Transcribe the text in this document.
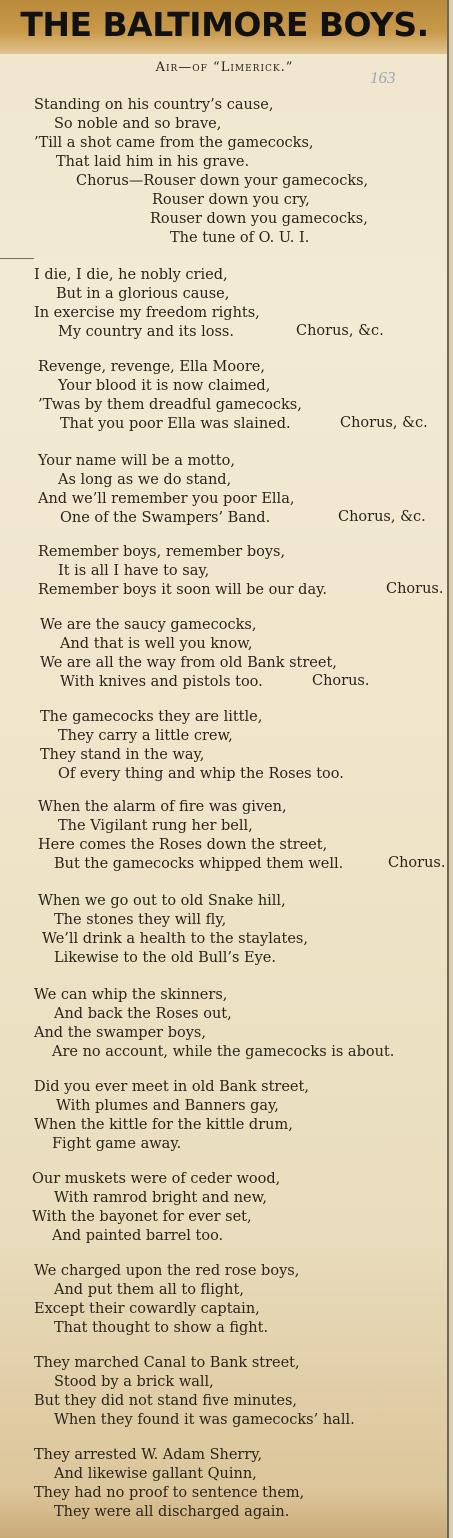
THE BALTIMORE BOYS.
Air—of “Limerick.”
163
Standing on his country’s cause,
So noble and so brave,
’Till a shot came from the gamecocks,
That laid him in his grave.
Chorus—Rouser down your gamecocks,
Rouser down you cry,
Rouser down you gamecocks,
The tune of O. U. I.
I die, I die, he nobly cried,
But in a glorious cause,
In exercise my freedom rights,
My country and its loss.	Chorus, &c.
Revenge, revenge, Ella Moore,
Your blood it is now claimed,
’Twas by them dreadful gamecocks,
That you poor Ella was slained.	Chorus, &c.
Your name will be a motto,
As long as we do stand,
And we’ll remember you poor Ella,
One of the Swampers’ Band.	Chorus, &c.
Remember boys, remember boys,
It is all I have to say,
Remember boys it soon will be our day.	Chorus.
We are the saucy gamecocks,
And that is well you know,
We are all the way from old Bank street,
With knives and pistols too.	Chorus.
The gamecocks they are little,
They carry a little crew,
They stand in the way,
Of every thing and whip the Roses too.
When the alarm of fire was given,
The Vigilant rung her bell,
Here comes the Roses down the street,
But the gamecocks whipped them well.	Chorus.
When we go out to old Snake hill,
The stones they will fly,
We’ll drink a health to the staylates,
Likewise to the old Bull’s Eye.
We can whip the skinners,
And back the Roses out,
And the swamper boys,
Are no account, while the gamecocks is about.
Did you ever meet in old Bank street,
With plumes and Banners gay,
When the kittle for the kittle drum,
Fight game away.
Our muskets were of ceder wood,
With ramrod bright and new,
With the bayonet for ever set,
And painted barrel too.
We charged upon the red rose boys,
And put them all to flight,
Except their cowardly captain,
That thought to show a fight.
They marched Canal to Bank street,
Stood by a brick wall,
But they did not stand five minutes,
When they found it was gamecocks’ hall.
They arrested W. Adam Sherry,
And likewise gallant Quinn,
They had no proof to sentence them,
They were all discharged again.
